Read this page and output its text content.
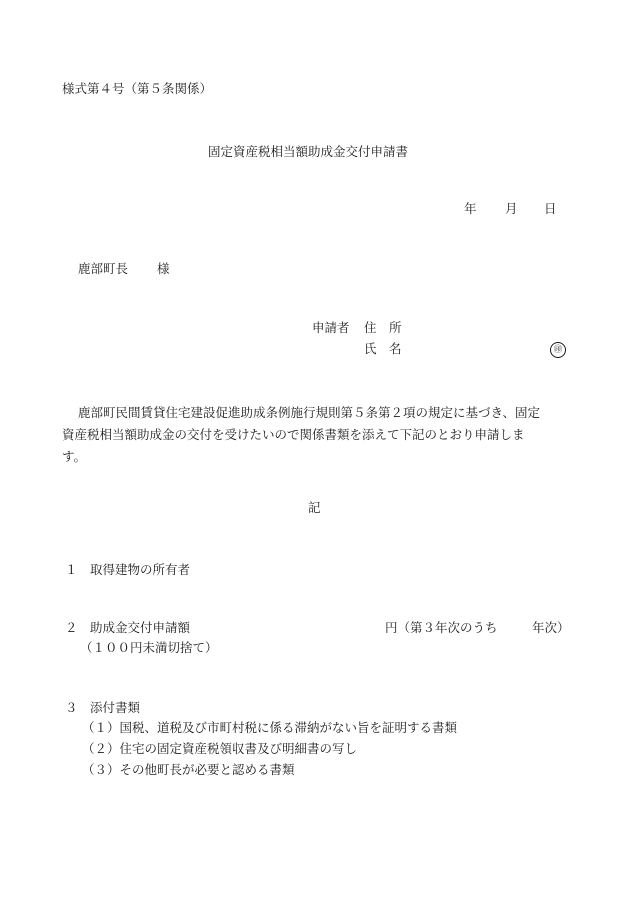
様式第４号（第５条関係）
固定資産税相当額助成金交付申請書
年 月 日
鹿部町長 様
申請者 住　所
氏　名	㊞
鹿部町民間賃貸住宅建設促進助成条例施行規則第５条第２項の規定に基づき、固定
資産税相当額助成金の交付を受けたいので関係書類を添えて下記のとおり申請しま
す。
記
１ 取得建物の所有者
２ 助成金交付申請額	円（第３年次のうち	年次）
（１００円未満切捨て）
３ 添付書類
（１）国税、道税及び市町村税に係る滞納がない旨を証明する書類
（２）住宅の固定資産税領収書及び明細書の写し
（３）その他町長が必要と認める書類
